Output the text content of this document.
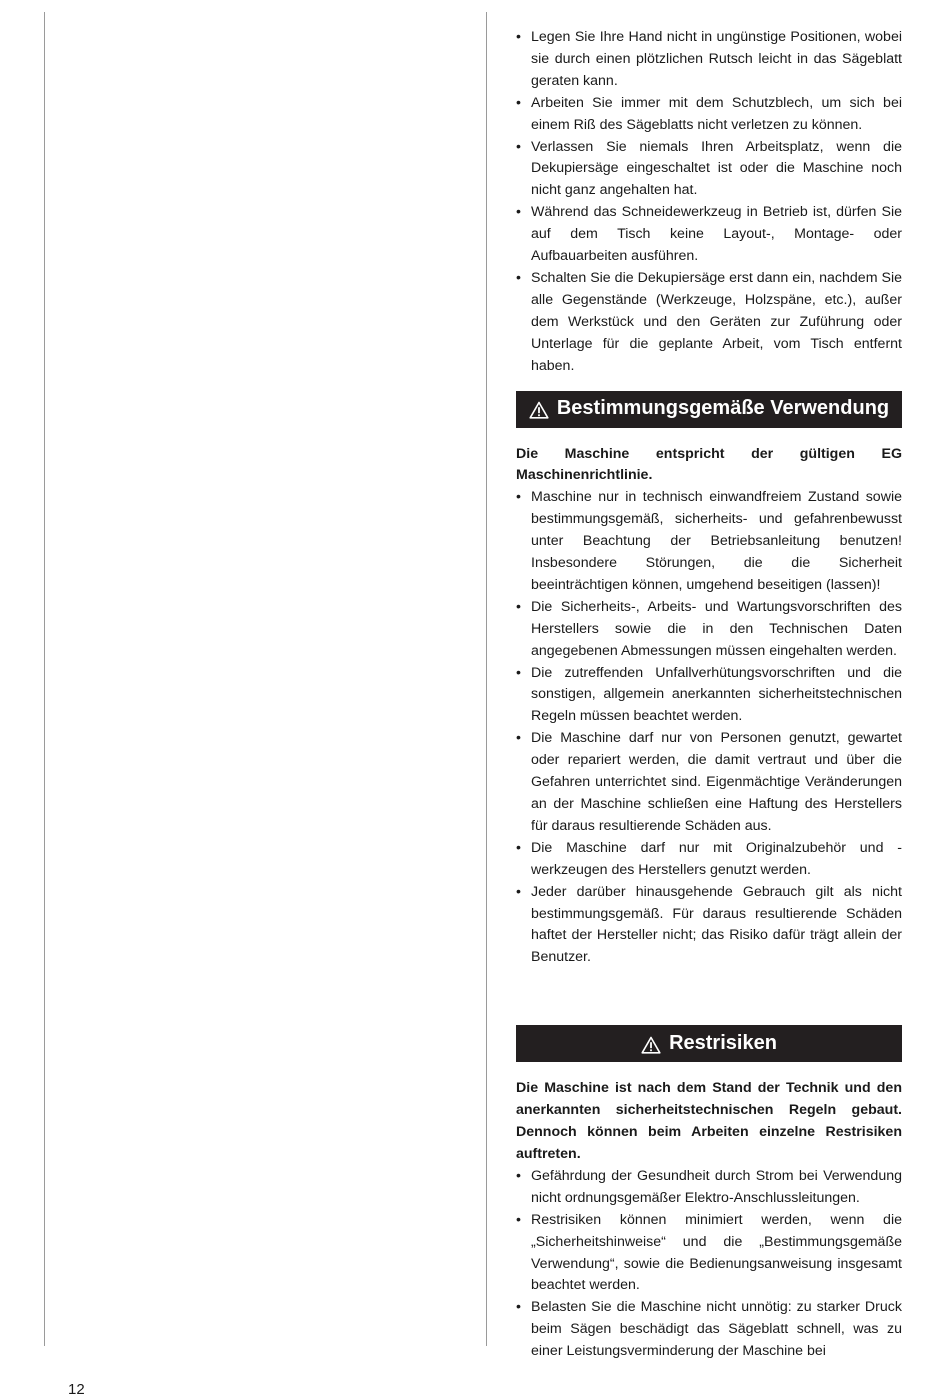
• Legen Sie Ihre Hand nicht in ungünstige Positionen, wobei sie durch einen plötzlichen Rutsch leicht in das Sägeblatt geraten kann.
• Arbeiten Sie immer mit dem Schutzblech, um sich bei einem Riß des Sägeblatts nicht verletzen zu können.
• Verlassen Sie niemals Ihren Arbeitsplatz, wenn die Dekupiersäge eingeschaltet ist oder die Maschine noch nicht ganz angehalten hat.
• Während das Schneidewerkzeug in Betrieb ist, dürfen Sie auf dem Tisch keine Layout-, Montage- oder Aufbauarbeiten ausführen.
• Schalten Sie die Dekupiersäge erst dann ein, nachdem Sie alle Gegenstände (Werkzeuge, Holzspäne, etc.), außer dem Werkstück und den Geräten zur Zuführung oder Unterlage für die geplante Arbeit, vom Tisch entfernt haben.
Bestimmungsgemäße Verwendung

Die Maschine entspricht der gültigen EG Maschinenrichtlinie.

• Maschine nur in technisch einwandfreiem Zustand sowie bestimmungsgemäß, sicherheits- und gefahrenbewusst unter Beachtung der Betriebsanleitung benutzen! Insbesondere Störungen, die die Sicherheit beeinträchtigen können, umgehend beseitigen (lassen)!
• Die Sicherheits-, Arbeits- und Wartungsvorschriften des Herstellers sowie die in den Technischen Daten angegebenen Abmessungen müssen eingehalten werden.
• Die zutreffenden Unfallverhütungsvorschriften und die sonstigen, allgemein anerkannten sicherheitstechnischen Regeln müssen beachtet werden.
• Die Maschine darf nur von Personen genutzt, gewartet oder repariert werden, die damit vertraut und über die Gefahren unterrichtet sind. Eigenmächtige Veränderungen an der Maschine schließen eine Haftung des Herstellers für daraus resultierende Schäden aus.
• Die Maschine darf nur mit Originalzubehör und -werkzeugen des Herstellers genutzt werden.
• Jeder darüber hinausgehende Gebrauch gilt als nicht bestimmungsgemäß. Für daraus resultierende Schäden haftet der Hersteller nicht; das Risiko dafür trägt allein der Benutzer.
Restrisiken

Die Maschine ist nach dem Stand der Technik und den anerkannten sicherheitstechnischen Regeln gebaut. Dennoch können beim Arbeiten einzelne Restrisiken auftreten.

• Gefährdung der Gesundheit durch Strom bei Verwendung nicht ordnungsgemäßer Elektro-Anschlussleitungen.
• Restrisiken können minimiert werden, wenn die „Sicherheitshinweise“ und die „Bestimmungsgemäße Verwendung“, sowie die Bedienungsanweisung insgesamt beachtet werden.
• Belasten Sie die Maschine nicht unnötig: zu starker Druck beim Sägen beschädigt das Sägeblatt schnell, was zu einer Leistungsverminderung der Maschine bei
12
